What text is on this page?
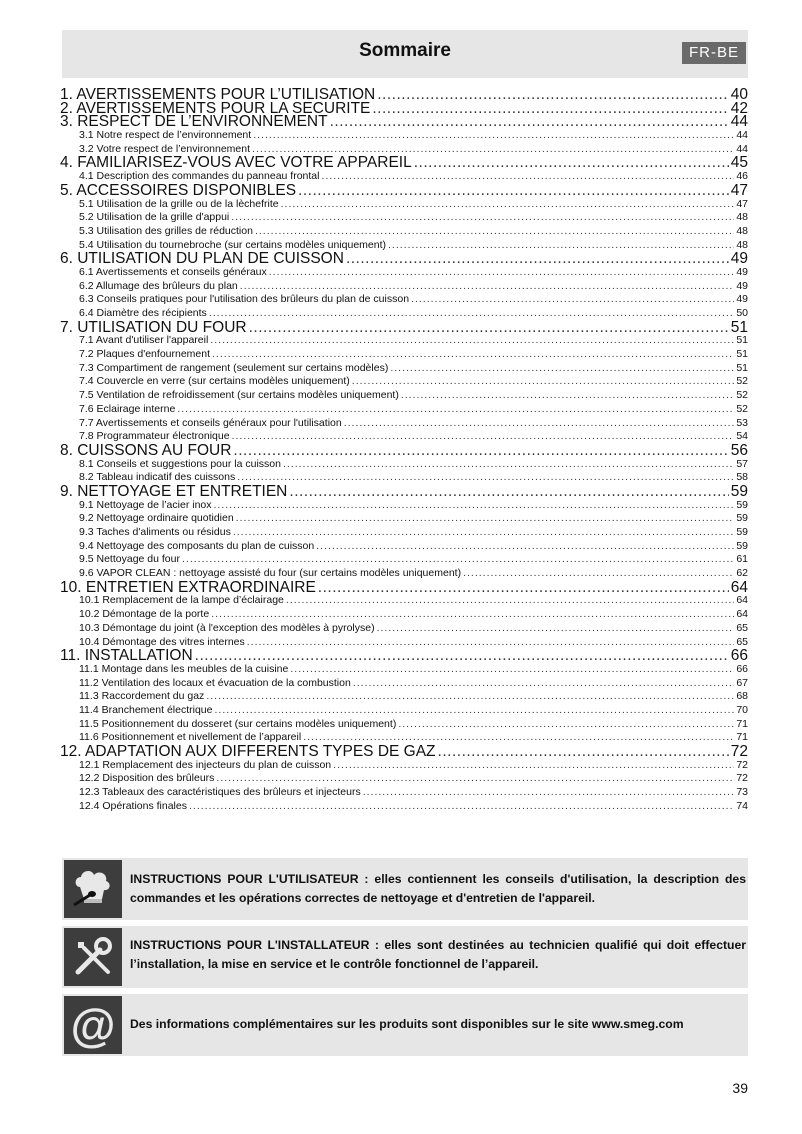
Sommaire	FR-BE
1. AVERTISSEMENTS POUR L’UTILISATION .....	40
2. AVERTISSEMENTS POUR LA SECURITE .....	42
3. RESPECT DE L’ENVIRONNEMENT .....	44
3.1 Notre respect de l’environnement .....	44
3.2 Votre respect de l’environnement .....	44
4. FAMILIARISEZ-VOUS AVEC VOTRE APPAREIL .....	45
4.1 Description des commandes du panneau frontal .....	46
5. ACCESSOIRES DISPONIBLES .....	47
5.1 Utilisation de la grille ou de la lèchefrite .....	47
5.2 Utilisation de la grille d'appui .....	48
5.3 Utilisation des grilles de réduction .....	48
5.4 Utilisation du tournebroche (sur certains modèles uniquement) .....	48
6. UTILISATION DU PLAN DE CUISSON .....	49
6.1 Avertissements et conseils généraux .....	49
6.2 Allumage des brûleurs du plan .....	49
6.3 Conseils pratiques pour l'utilisation des brûleurs du plan de cuisson .....	49
6.4 Diamètre des récipients .....	50
7. UTILISATION DU FOUR .....	51
7.1 Avant d'utiliser l'appareil .....	51
7.2 Plaques d'enfournement .....	51
7.3 Compartiment de rangement (seulement sur certains modèles) .....	51
7.4 Couvercle en verre (sur certains modèles uniquement) .....	52
7.5 Ventilation de refroidissement (sur certains modèles uniquement) .....	52
7.6 Eclairage interne .....	52
7.7 Avertissements et conseils généraux pour l'utilisation .....	53
7.8 Programmateur électronique .....	54
8. CUISSONS AU FOUR .....	56
8.1 Conseils et suggestions pour la cuisson .....	57
8.2 Tableau indicatif des cuissons .....	58
9. NETTOYAGE ET ENTRETIEN .....	59
9.1 Nettoyage de l’acier inox .....	59
9.2 Nettoyage ordinaire quotidien .....	59
9.3 Taches d'aliments ou résidus .....	59
9.4 Nettoyage des composants du plan de cuisson .....	59
9.5 Nettoyage du four .....	61
9.6 VAPOR CLEAN : nettoyage assisté du four (sur certains modèles uniquement) .....	62
10. ENTRETIEN EXTRAORDINAIRE .....	64
10.1 Remplacement de la lampe d’éclairage .....	64
10.2 Démontage de la porte .....	64
10.3 Démontage du joint (à l'exception des modèles à pyrolyse) .....	65
10.4 Démontage des vitres internes .....	65
11. INSTALLATION .....	66
11.1 Montage dans les meubles de la cuisine .....	66
11.2 Ventilation des locaux et évacuation de la combustion .....	67
11.3 Raccordement du gaz .....	68
11.4 Branchement électrique .....	70
11.5 Positionnement du dosseret (sur certains modèles uniquement) .....	71
11.6 Positionnement et nivellement de l’appareil .....	71
12. ADAPTATION AUX DIFFERENTS TYPES DE GAZ .....	72
12.1 Remplacement des injecteurs du plan de cuisson .....	72
12.2 Disposition des brûleurs .....	72
12.3 Tableaux des caractéristiques des brûleurs et injecteurs .....	73
12.4 Opérations finales .....	74
INSTRUCTIONS POUR L'UTILISATEUR : elles contiennent les conseils d'utilisation, la description des commandes et les opérations correctes de nettoyage et d'entretien de l'appareil.
INSTRUCTIONS POUR L'INSTALLATEUR : elles sont destinées au technicien qualifié qui doit effectuer l’installation, la mise en service et le contrôle fonctionnel de l’appareil.
@ Des informations complémentaires sur les produits sont disponibles sur le site www.smeg.com
39
